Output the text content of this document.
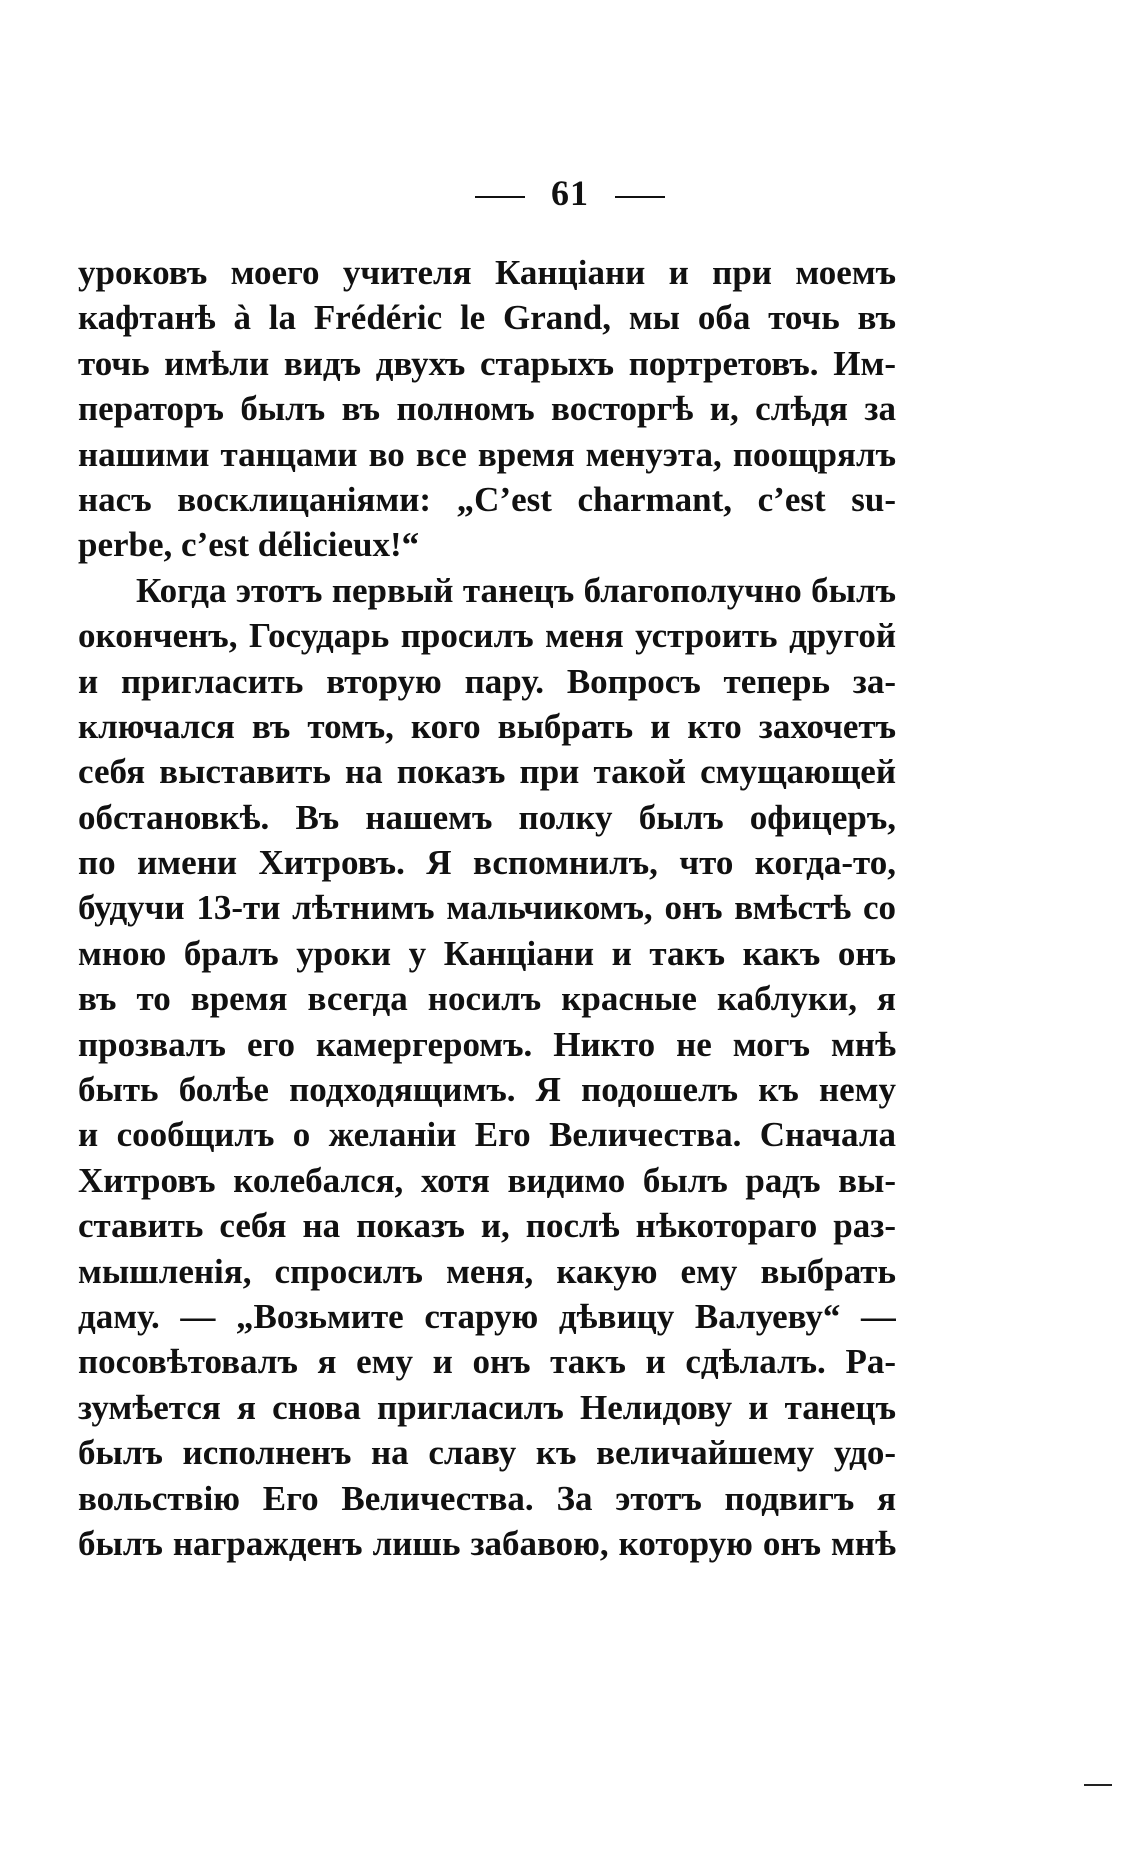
61
уроковъ моего учителя Канціани и при моемъ
кафтанѣ à la Frédéric le Grand, мы оба точь въ
точь имѣли видъ двухъ старыхъ портретовъ. Им-
ператоръ былъ въ полномъ восторгѣ и, слѣдя за
нашими танцами во все время менуэта, поощрялъ
насъ восклицаніями: „C’est charmant, c’est su-
perbe, c’est délicieux!“
Когда этотъ первый танецъ благополучно былъ
оконченъ, Государь просилъ меня устроить другой
и пригласить вторую пару. Вопросъ теперь за-
ключался въ томъ, кого выбрать и кто захочетъ
себя выставить на показъ при такой смущающей
обстановкѣ. Въ нашемъ полку былъ офицеръ,
по имени Хитровъ. Я вспомнилъ, что когда-то,
будучи 13-ти лѣтнимъ мальчикомъ, онъ вмѣстѣ со
мною бралъ уроки у Канціани и такъ какъ онъ
въ то время всегда носилъ красные каблуки, я
прозвалъ его камергеромъ. Никто не могъ мнѣ
быть болѣе подходящимъ. Я подошелъ къ нему
и сообщилъ о желаніи Его Величества. Сначала
Хитровъ колебался, хотя видимо былъ радъ вы-
ставить себя на показъ и, послѣ нѣкотораго раз-
мышленія, спросилъ меня, какую ему выбрать
даму. — „Возьмите старую дѣвицу Валуеву“ —
посовѣтовалъ я ему и онъ такъ и сдѣлалъ. Ра-
зумѣется я снова пригласилъ Нелидову и танецъ
былъ исполненъ на славу къ величайшему удо-
вольствію Его Величества. За этотъ подвигъ я
былъ награжденъ лишь забавою, которую онъ мнѣ
